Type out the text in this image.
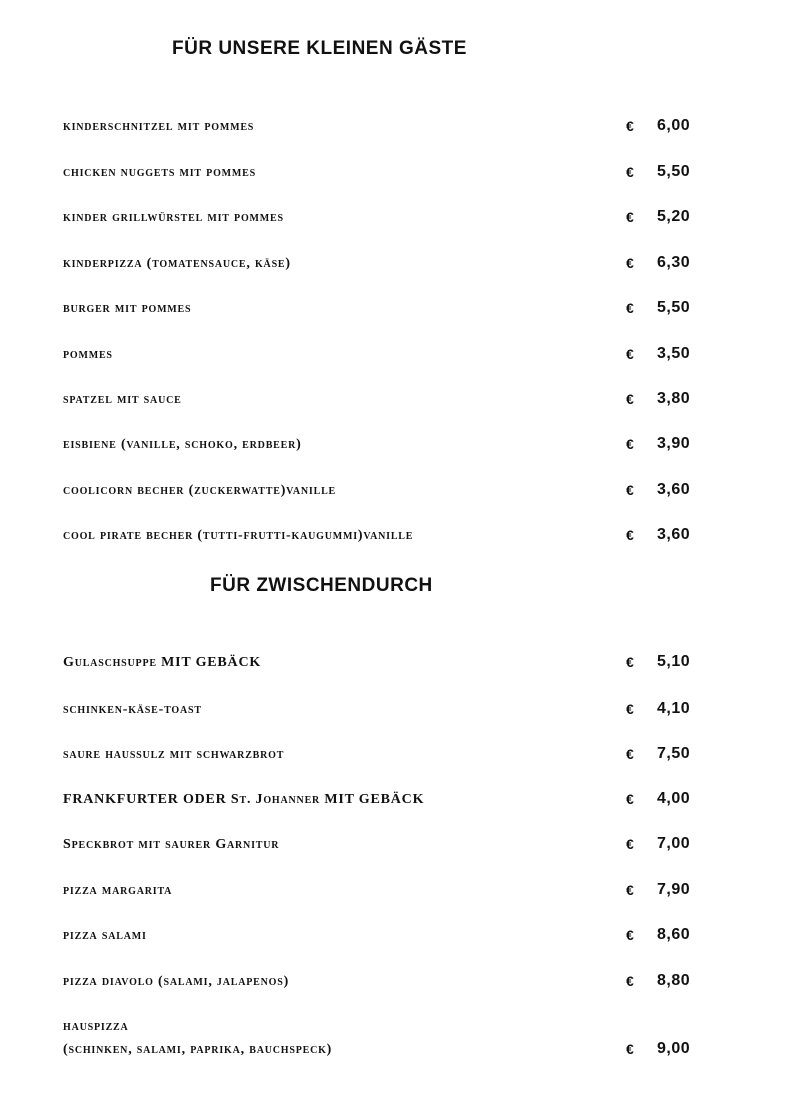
FÜR UNSERE KLEINEN GÄSTE
kinderschnitzel mit pommes	€ 6,00
chicken nuggets mit pommes	€ 5,50
kinder grillwürstel mit pommes	€ 5,20
kinderpizza (tomatensauce, käse)	€ 6,30
burger mit pommes	€ 5,50
pommes	€ 3,50
spatzel mit sauce	€ 3,80
eisbiene (vanille, schoko, erdbeer)	€ 3,90
coolicorn becher (zuckerwatte)vanille	€ 3,60
cool pirate becher (tutti-frutti-kaugummi)vanille	€ 3,60
FÜR ZWISCHENDURCH
Gulaschsuppe MIT GEBÄCK	€ 5,10
schinken-käse-toast	€ 4,10
saure haussulz mit schwarzbrot	€ 7,50
FRANKFURTER ODER St. Johanner MIT GEBÄCK	€ 4,00
Speckbrot mit saurer Garnitur	€ 7,00
pizza margarita	€ 7,90
pizza salami	€ 8,60
pizza diavolo (salami, jalapenos)	€ 8,80
hauspizza
(schinken, salami, paprika, bauchspeck)	€ 9,00
